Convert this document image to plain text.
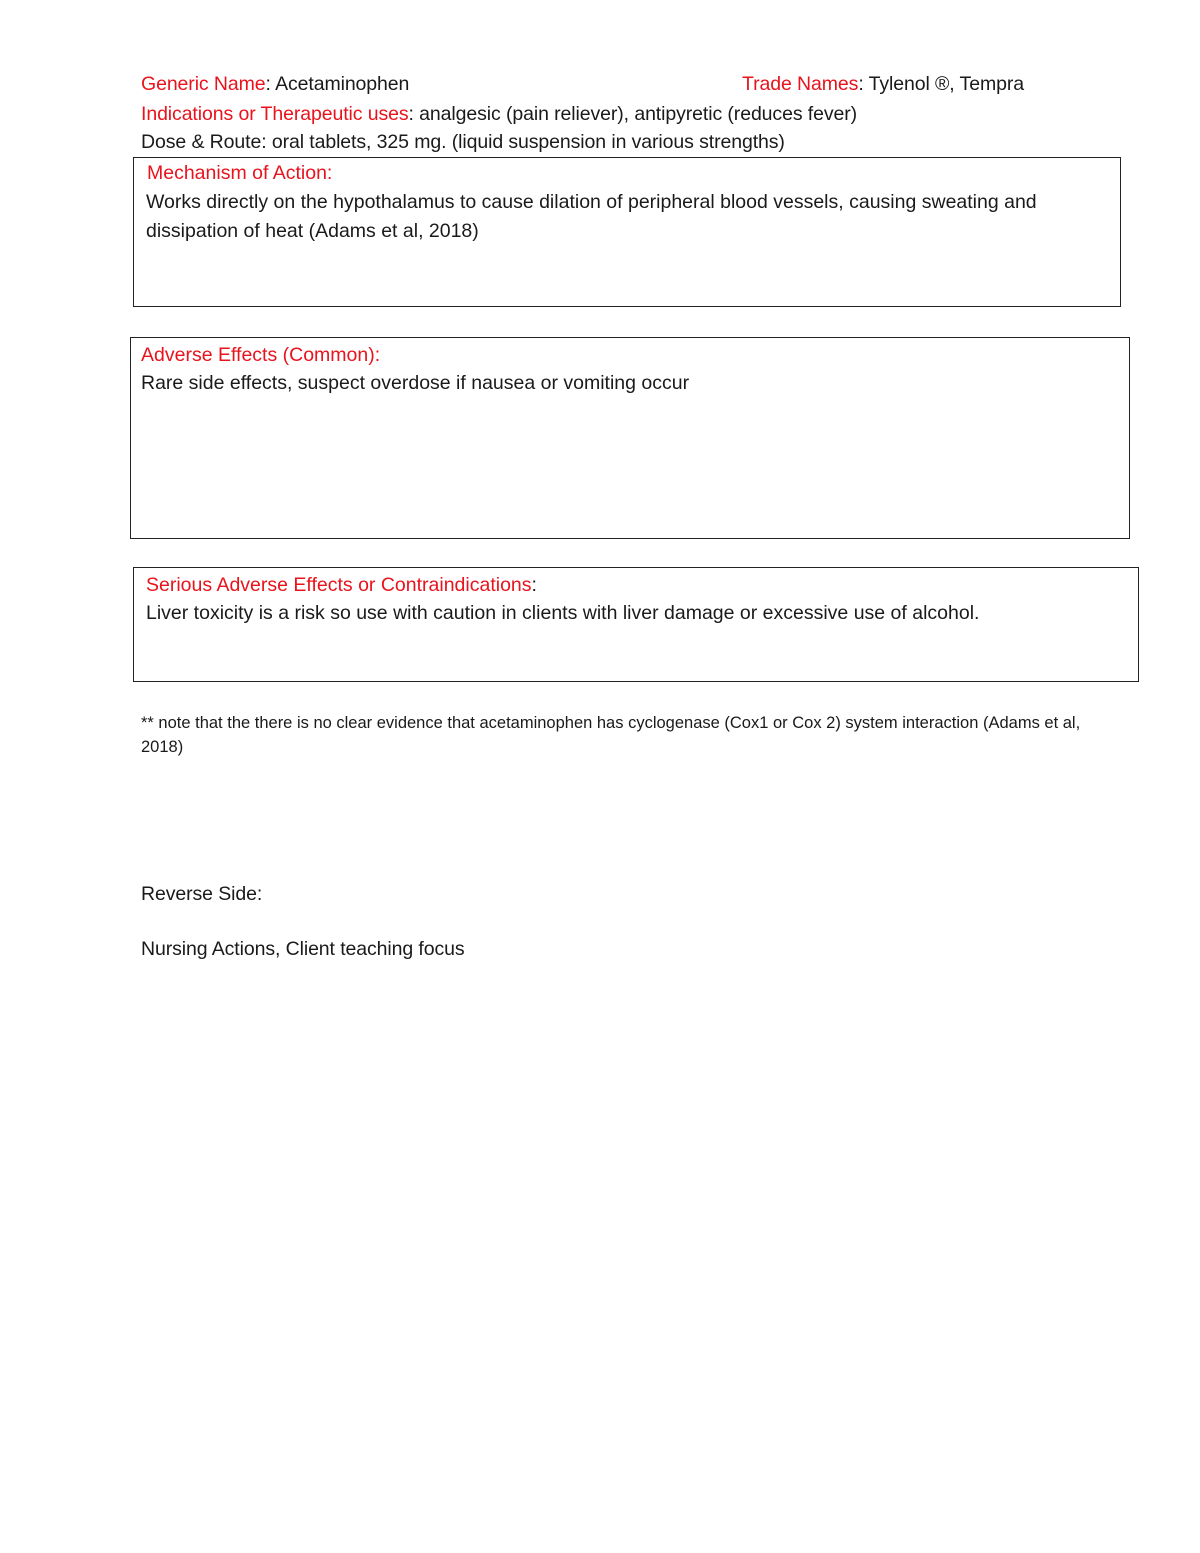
Generic Name: Acetaminophen	Trade Names: Tylenol ®, Tempra
Indications or Therapeutic uses: analgesic (pain reliever), antipyretic (reduces fever)
Dose & Route: oral tablets, 325 mg. (liquid suspension in various strengths)
Mechanism of Action:
Works directly on the hypothalamus to cause dilation of peripheral blood vessels, causing sweating and dissipation of heat (Adams et al, 2018)
Adverse Effects (Common):
Rare side effects, suspect overdose if nausea or vomiting occur
Serious Adverse Effects or Contraindications:
Liver toxicity is a risk so use with caution in clients with liver damage or excessive use of alcohol.
** note that the there is no clear evidence that acetaminophen has cyclogenase (Cox1 or Cox 2) system interaction (Adams et al, 2018)
Reverse Side:
Nursing Actions, Client teaching focus
